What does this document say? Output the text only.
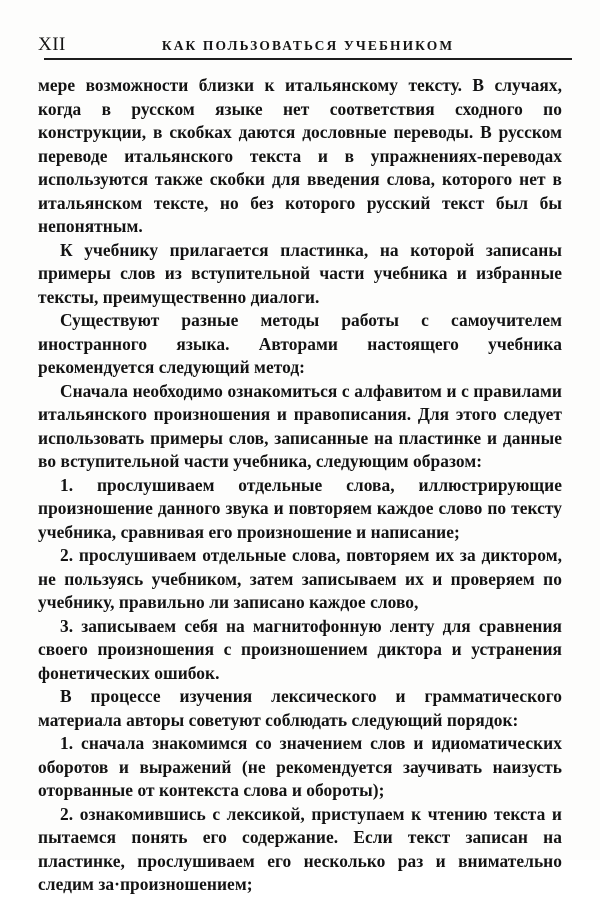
XII	КАК ПОЛЬЗОВАТЬСЯ УЧЕБНИКОМ

мере возможности близки к итальянскому тексту. В случаях, когда в русском языке нет соответствия сходного по конструкции, в скобках даются дословные переводы. В русском переводе итальянского текста и в упражнениях-переводах используются также скобки для введения слова, которого нет в итальянском тексте, но без которого русский текст был бы непонятным.

К учебнику прилагается пластинка, на которой записаны примеры слов из вступительной части учебника и избранные тексты, преимущественно диалоги.

Существуют разные методы работы с самоучителем иностранного языка. Авторами настоящего учебника рекомендуется следующий метод:

Сначала необходимо ознакомиться с алфавитом и с правилами итальянского произношения и правописания. Для этого следует использовать примеры слов, записанные на пластинке и данные во вступительной части учебника, следующим образом:

1. прослушиваем отдельные слова, иллюстрирующие произношение данного звука и повторяем каждое слово по тексту учебника, сравнивая его произношение и написание;

2. прослушиваем отдельные слова, повторяем их за диктором, не пользуясь учебником, затем записываем их и проверяем по учебнику, правильно ли записано каждое слово,

3. записываем себя на магнитофонную ленту для сравнения своего произношения с произношением диктора и устранения фонетических ошибок.

В процессе изучения лексического и грамматического материала авторы советуют соблюдать следующий порядок:

1. сначала знакомимся со значением слов и идиоматических оборотов и выражений (не рекомендуется заучивать наизусть оторванные от контекста слова и обороты);

2. ознакомившись с лексикой, приступаем к чтению текста и пытаемся понять его содержание. Если текст записан на пластинке, прослушиваем его несколько раз и внимательно следим за·произношением;
